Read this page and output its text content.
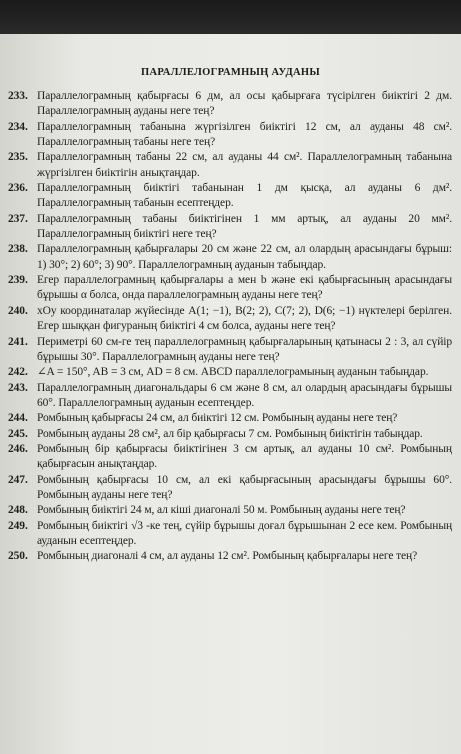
ПАРАЛЛЕЛОГРАМНЫҢ АУДАНЫ
233. Параллелограмның қабырғасы 6 дм, ал осы қабырғаға түсірілген биіктігі 2 дм. Параллелограмның ауданы неге тең?
234. Параллелограмның табанына жүргізілген биіктігі 12 см, ал ауданы 48 см². Параллелограмның табаны неге тең?
235. Параллелограмның табаны 22 см, ал ауданы 44 см². Параллелограмның табанына жүргізілген биіктігін анықтаңдар.
236. Параллелограмның биіктігі табанынан 1 дм қысқа, ал ауданы 6 дм². Параллелограмның табанын есептеңдер.
237. Параллелограмның табаны биіктігінен 1 мм артық, ал ауданы 20 мм². Параллелограмның биіктігі неге тең?
238. Параллелограмның қабырғалары 20 см және 22 см, ал олардың арасындағы бұрыш: 1) 30°; 2) 60°; 3) 90°. Параллелограмның ауданын табыңдар.
239. Егер параллелограмның қабырғалары a мен b және екі қабырғасының арасындағы бұрышы α болса, онда параллелограмның ауданы неге тең?
240. xOy координаталар жүйесінде A(1; −1), B(2; 2), C(7; 2), D(6; −1) нүктелері берілген. Егер шыққан фигураның биіктігі 4 см болса, ауданы неге тең?
241. Периметрі 60 см-ге тең параллелограмның қабырғаларының қатынасы 2 : 3, ал сүйір бұрышы 30°. Параллелограмның ауданы неге тең?
242. ∠A = 150°, AB = 3 см, AD = 8 см. ABCD параллелограмының ауданын табыңдар.
243. Параллелограмның диагональдары 6 см және 8 см, ал олардың арасындағы бұрышы 60°. Параллелограмның ауданын есептеңдер.
244. Ромбының қабырғасы 24 см, ал биіктігі 12 см. Ромбының ауданы неге тең?
245. Ромбының ауданы 28 см², ал бір қабырғасы 7 см. Ромбының биіктігін табыңдар.
246. Ромбының бір қабырғасы биіктігінен 3 см артық, ал ауданы 10 см². Ромбының қабырғасын анықтаңдар.
247. Ромбының қабырғасы 10 см, ал екі қабырғасының арасындағы бұрышы 60°. Ромбының ауданы неге тең?
248. Ромбының биіктігі 24 м, ал кіші диагоналі 50 м. Ромбының ауданы неге тең?
249. Ромбының биіктігі √3 -ке тең, сүйір бұрышы доғал бұрышынан 2 есе кем. Ромбының ауданын есептеңдер.
250. Ромбының диагоналі 4 см, ал ауданы 12 см². Ромбының қабырғалары неге тең?
